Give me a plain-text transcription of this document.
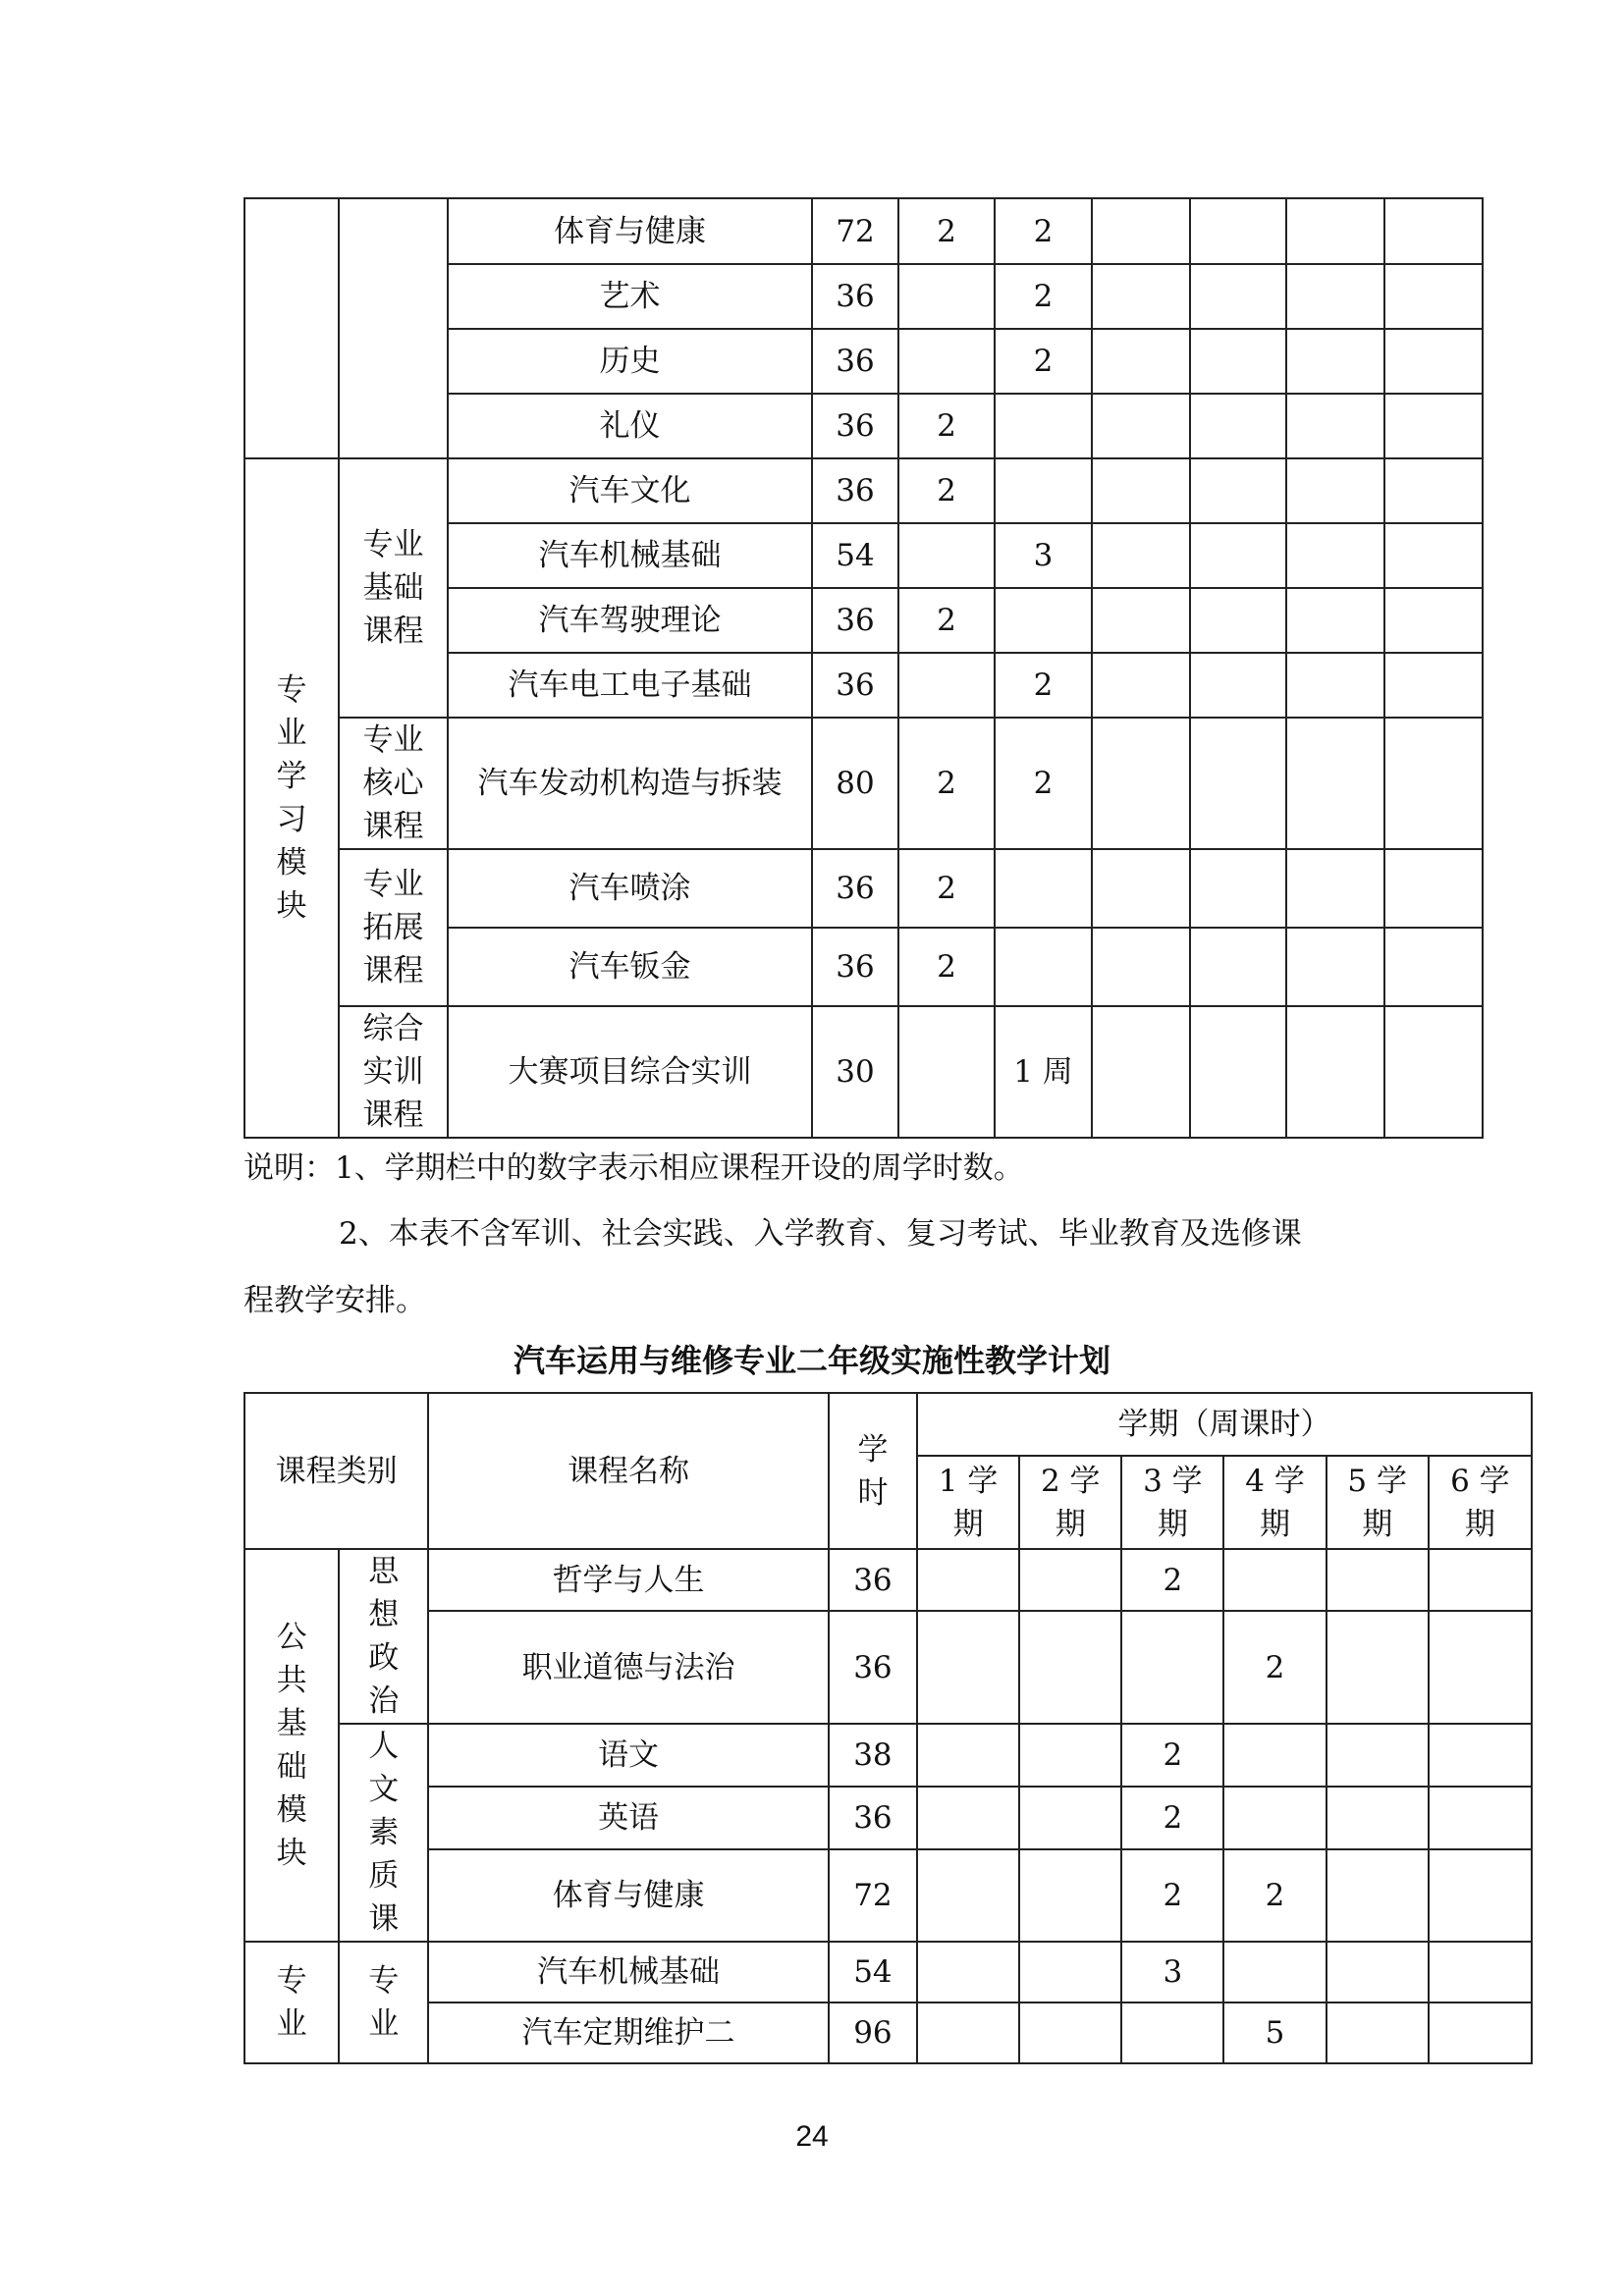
		体育与健康	72	2	2				
		艺术	36		2				
		历史	36		2				
		礼仪	36	2					
专业学习模块	专业基础课程	汽车文化	36	2					
		汽车机械基础	54		3				
		汽车驾驶理论	36	2					
		汽车电工电子基础	36		2				
	专业核心课程	汽车发动机构造与拆装	80	2	2				
	专业拓展课程	汽车喷涂	36	2					
		汽车钣金	36	2					
	综合实训课程	大赛项目综合实训	30		1 周				
说明：1、学期栏中的数字表示相应课程开设的周学时数。
2、本表不含军训、社会实践、入学教育、复习考试、毕业教育及选修课
程教学安排。
汽车运用与维修专业二年级实施性教学计划
课程类别		课程名称	学时	学期（周课时）					
				1 学期	2 学期	3 学期	4 学期	5 学期	6 学期
公共基础模块	思想政治	哲学与人生	36			2			
		职业道德与法治	36				2		
	人文素质课	语文	38			2			
		英语	36			2			
		体育与健康	72			2	2		
专业	专业	汽车机械基础	54			3			
		汽车定期维护二	96				5		
24
